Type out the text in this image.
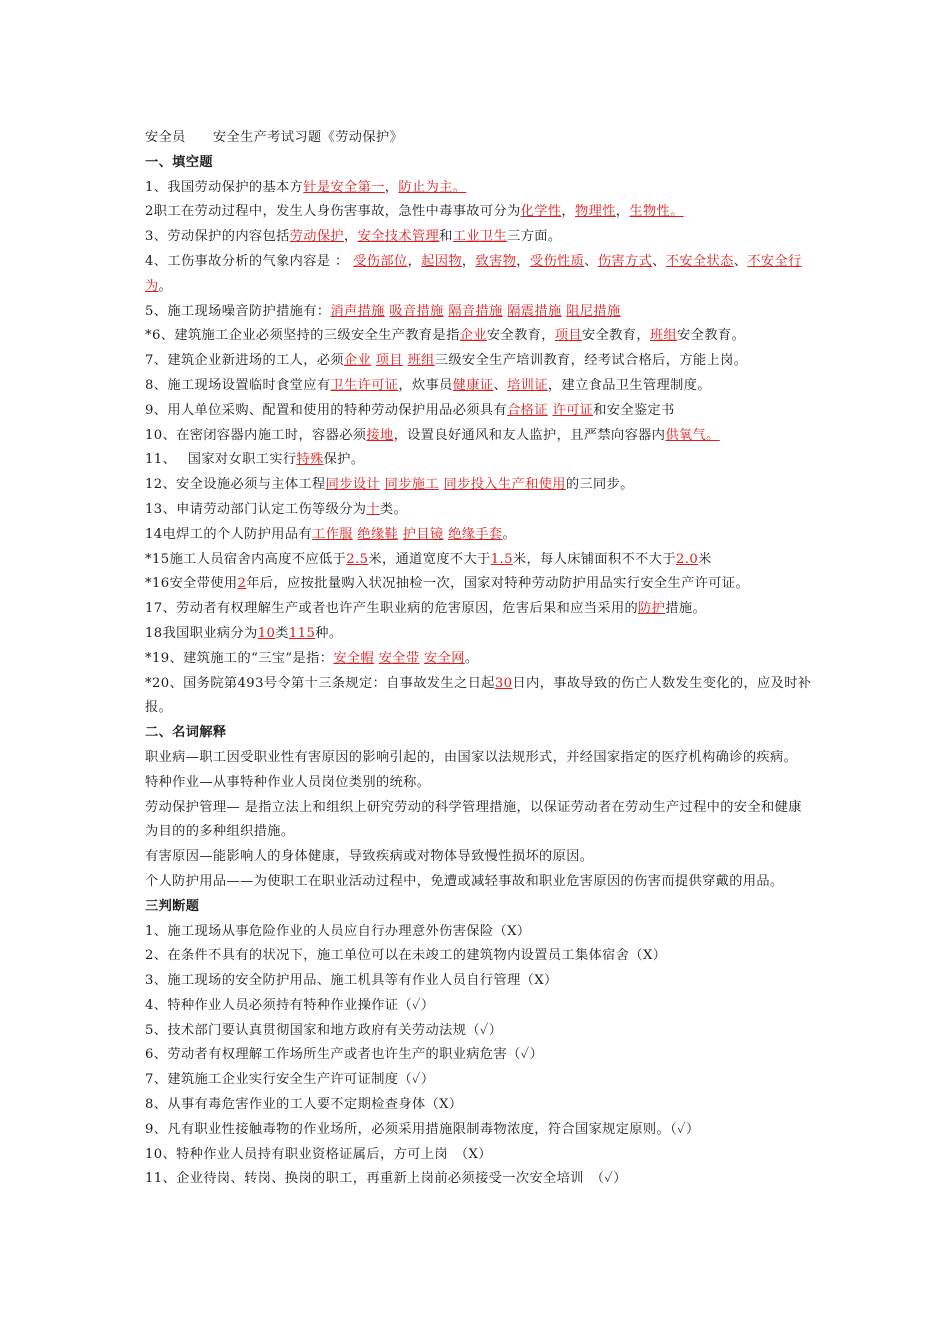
安全员　　安全生产考试习题《劳动保护》
一、填空题
1、我国劳动保护的基本方针是安全第一，防止为主。
2职工在劳动过程中，发生人身伤害事故，急性中毒事故可分为化学性，物理性，生物性。
3、劳动保护的内容包括劳动保护，安全技术管理和工业卫生三方面。
4、工伤事故分析的气象内容是 ： 受伤部位，起因物，致害物，受伤性质、伤害方式、不安全状态、不安全行为。
5、施工现场噪音防护措施有：消声措施 吸音措施 隔音措施 隔震措施 阻尼措施
*6、建筑施工企业必须坚持的三级安全生产教育是指企业安全教育，项目安全教育，班组安全教育。
7、建筑企业新进场的工人，必须企业 项目 班组三级安全生产培训教育，经考试合格后，方能上岗。
8、施工现场设置临时食堂应有卫生许可证，炊事员健康证、培训证，建立食品卫生管理制度。
9、用人单位采购、配置和使用的特种劳动保护用品必须具有合格证 许可证和安全鉴定书
10、在密闭容器内施工时，容器必须接地，设置良好通风和友人监护，且严禁向容器内供氧气。
11、　 国家对女职工实行特殊保护。
12、安全设施必须与主体工程同步设计 同步施工 同步投入生产和使用的三同步。
13、申请劳动部门认定工伤等级分为十类。
14电焊工的个人防护用品有工作服 绝缘鞋 护目镜 绝缘手套。
*15施工人员宿舍内高度不应低于2.5米，通道宽度不大于1.5米，每人床铺面积不不大于2.0米
*16安全带使用2年后，应按批量购入状况抽检一次，国家对特种劳动防护用品实行安全生产许可证。
17、劳动者有权理解生产或者也许产生职业病的危害原因，危害后果和应当采用的防护措施。
18我国职业病分为10类115种。
*19、建筑施工的“三宝”是指：安全帽 安全带 安全网。
*20、国务院第493号令第十三条规定：自事故发生之日起30日内，事故导致的伤亡人数发生变化的，应及时补报。
二、名词解释
职业病—职工因受职业性有害原因的影响引起的，由国家以法规形式，并经国家指定的医疗机构确诊的疾病。
特种作业—从事特种作业人员岗位类别的统称。
劳动保护管理— 是指立法上和组织上研究劳动的科学管理措施，以保证劳动者在劳动生产过程中的安全和健康为目的的多种组织措施。
有害原因—能影响人的身体健康，导致疾病或对物体导致慢性损坏的原因。
个人防护用品——为使职工在职业活动过程中，免遭或减轻事故和职业危害原因的伤害而提供穿戴的用品。
三判断题
1、施工现场从事危险作业的人员应自行办理意外伤害保险（X）
2、在条件不具有的状况下，施工单位可以在未竣工的建筑物内设置员工集体宿舍（X）
3、施工现场的安全防护用品、施工机具等有作业人员自行管理（X）
4、特种作业人员必须持有特种作业操作证（✓）
5、技术部门要认真贯彻国家和地方政府有关劳动法规（✓）
6、劳动者有权理解工作场所生产或者也许生产的职业病危害（✓）
7、建筑施工企业实行安全生产许可证制度（✓）
8、从事有毒危害作业的工人要不定期检查身体（X）
9、凡有职业性接触毒物的作业场所，必须采用措施限制毒物浓度，符合国家规定原则。（✓）
10、特种作业人员持有职业资格证属后，方可上岗　（X）
11、企业待岗、转岗、换岗的职工，再重新上岗前必须接受一次安全培训　（✓）
